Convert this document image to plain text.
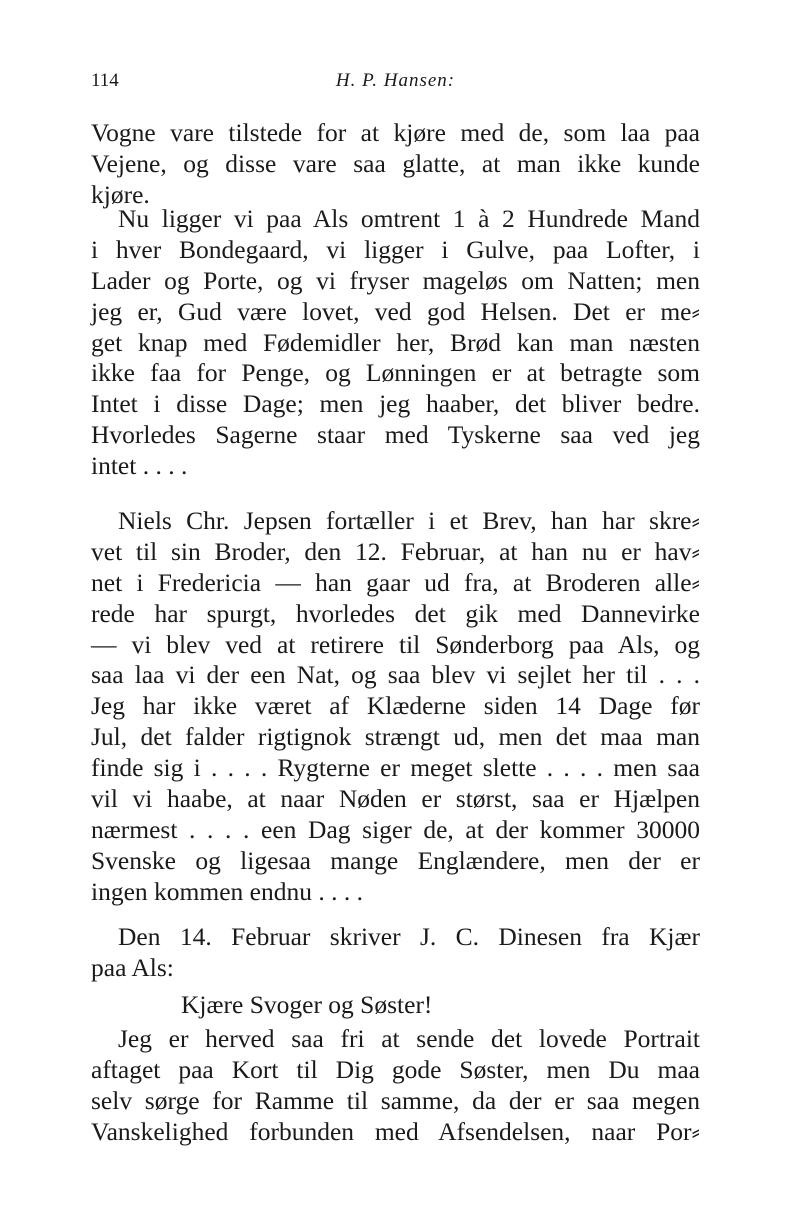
114	H. P. Hansen:
Vogne vare tilstede for at kjøre med de, som laa paa
Vejene, og disse vare saa glatte, at man ikke kunde
kjøre.
Nu ligger vi paa Als omtrent 1 à 2 Hundrede Mand
i hver Bondegaard, vi ligger i Gulve, paa Lofter, i
Lader og Porte, og vi fryser mageløs om Natten; men
jeg er, Gud være lovet, ved god Helsen. Det er me⸗
get knap med Fødemidler her, Brød kan man næsten
ikke faa for Penge, og Lønningen er at betragte som
Intet i disse Dage; men jeg haaber, det bliver bedre.
Hvorledes Sagerne staar med Tyskerne saa ved jeg
intet . . . .
Niels Chr. Jepsen fortæller i et Brev, han har skre⸗
vet til sin Broder, den 12. Februar, at han nu er hav⸗
net i Fredericia — han gaar ud fra, at Broderen alle⸗
rede har spurgt, hvorledes det gik med Dannevirke
— vi blev ved at retirere til Sønderborg paa Als, og
saa laa vi der een Nat, og saa blev vi sejlet her til . . .
Jeg har ikke været af Klæderne siden 14 Dage før
Jul, det falder rigtignok strængt ud, men det maa man
finde sig i . . . . Rygterne er meget slette . . . . men saa
vil vi haabe, at naar Nøden er størst, saa er Hjælpen
nærmest . . . . een Dag siger de, at der kommer 30000
Svenske og ligesaa mange Englændere, men der er
ingen kommen endnu . . . .
Den 14. Februar skriver J. C. Dinesen fra Kjær
paa Als:
Kjære Svoger og Søster!
Jeg er herved saa fri at sende det lovede Portrait
aftaget paa Kort til Dig gode Søster, men Du maa
selv sørge for Ramme til samme, da der er saa megen
Vanskelighed forbunden med Afsendelsen, naar Por⸗
